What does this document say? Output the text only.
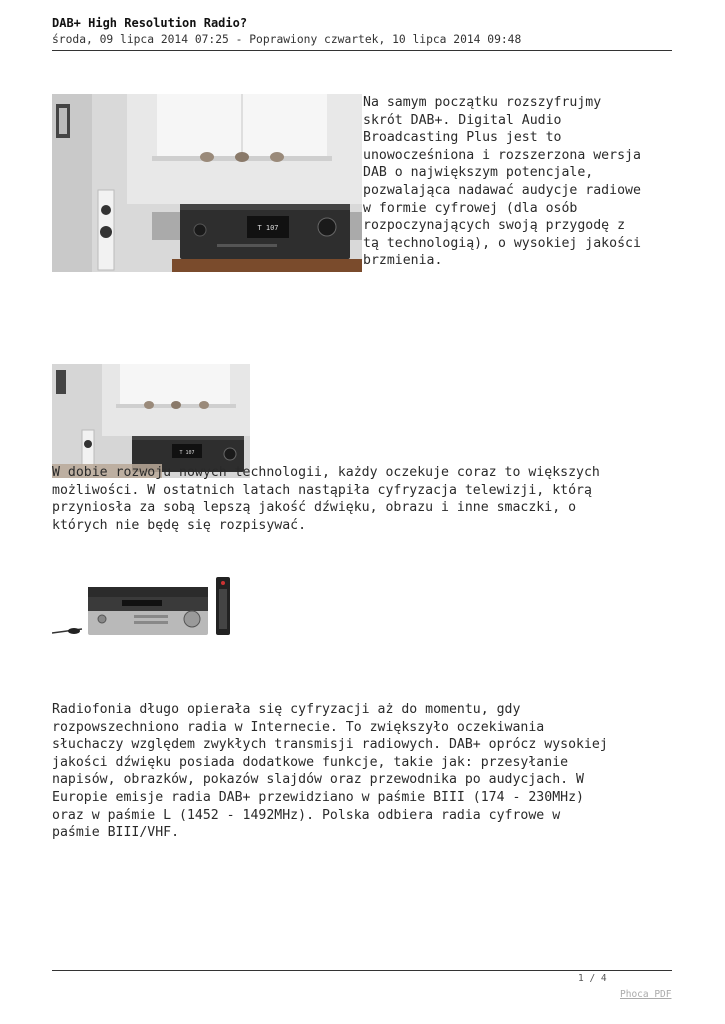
DAB+ High Resolution Radio?
środa, 09 lipca 2014 07:25 - Poprawiony czwartek, 10 lipca 2014 09:48
T 107
Na samym początku rozszyfrujmy
skrót DAB+. Digital Audio
Broadcasting Plus jest to
unowocześniona i rozszerzona wersja
DAB o największym potencjale,
pozwalająca nadawać audycje radiowe
w formie cyfrowej (dla osób
rozpoczynających swoją przygodę z
tą technologią), o wysokiej jakości
brzmienia.
T 107
W dobie rozwoju nowych technologii, każdy oczekuje coraz to większych
możliwości. W ostatnich latach nastąpiła cyfryzacja telewizji, którą
przyniosła za sobą lepszą jakość dźwięku, obrazu i inne smaczki, o
których nie będę się rozpisywać.
Radiofonia długo opierała się cyfryzacji aż do momentu, gdy
rozpowszechniono radia w Internecie. To zwiększyło oczekiwania
słuchaczy względem zwykłych transmisji radiowych. DAB+ oprócz wysokiej
jakości dźwięku posiada dodatkowe funkcje, takie jak: przesyłanie
napisów, obrazków, pokazów slajdów oraz przewodnika po audycjach. W
Europie emisje radia DAB+ przewidziano w paśmie BIII (174 - 230MHz)
oraz w paśmie L (1452 - 1492MHz). Polska odbiera radia cyfrowe w
paśmie BIII/VHF.
1 / 4
Phoca PDF
